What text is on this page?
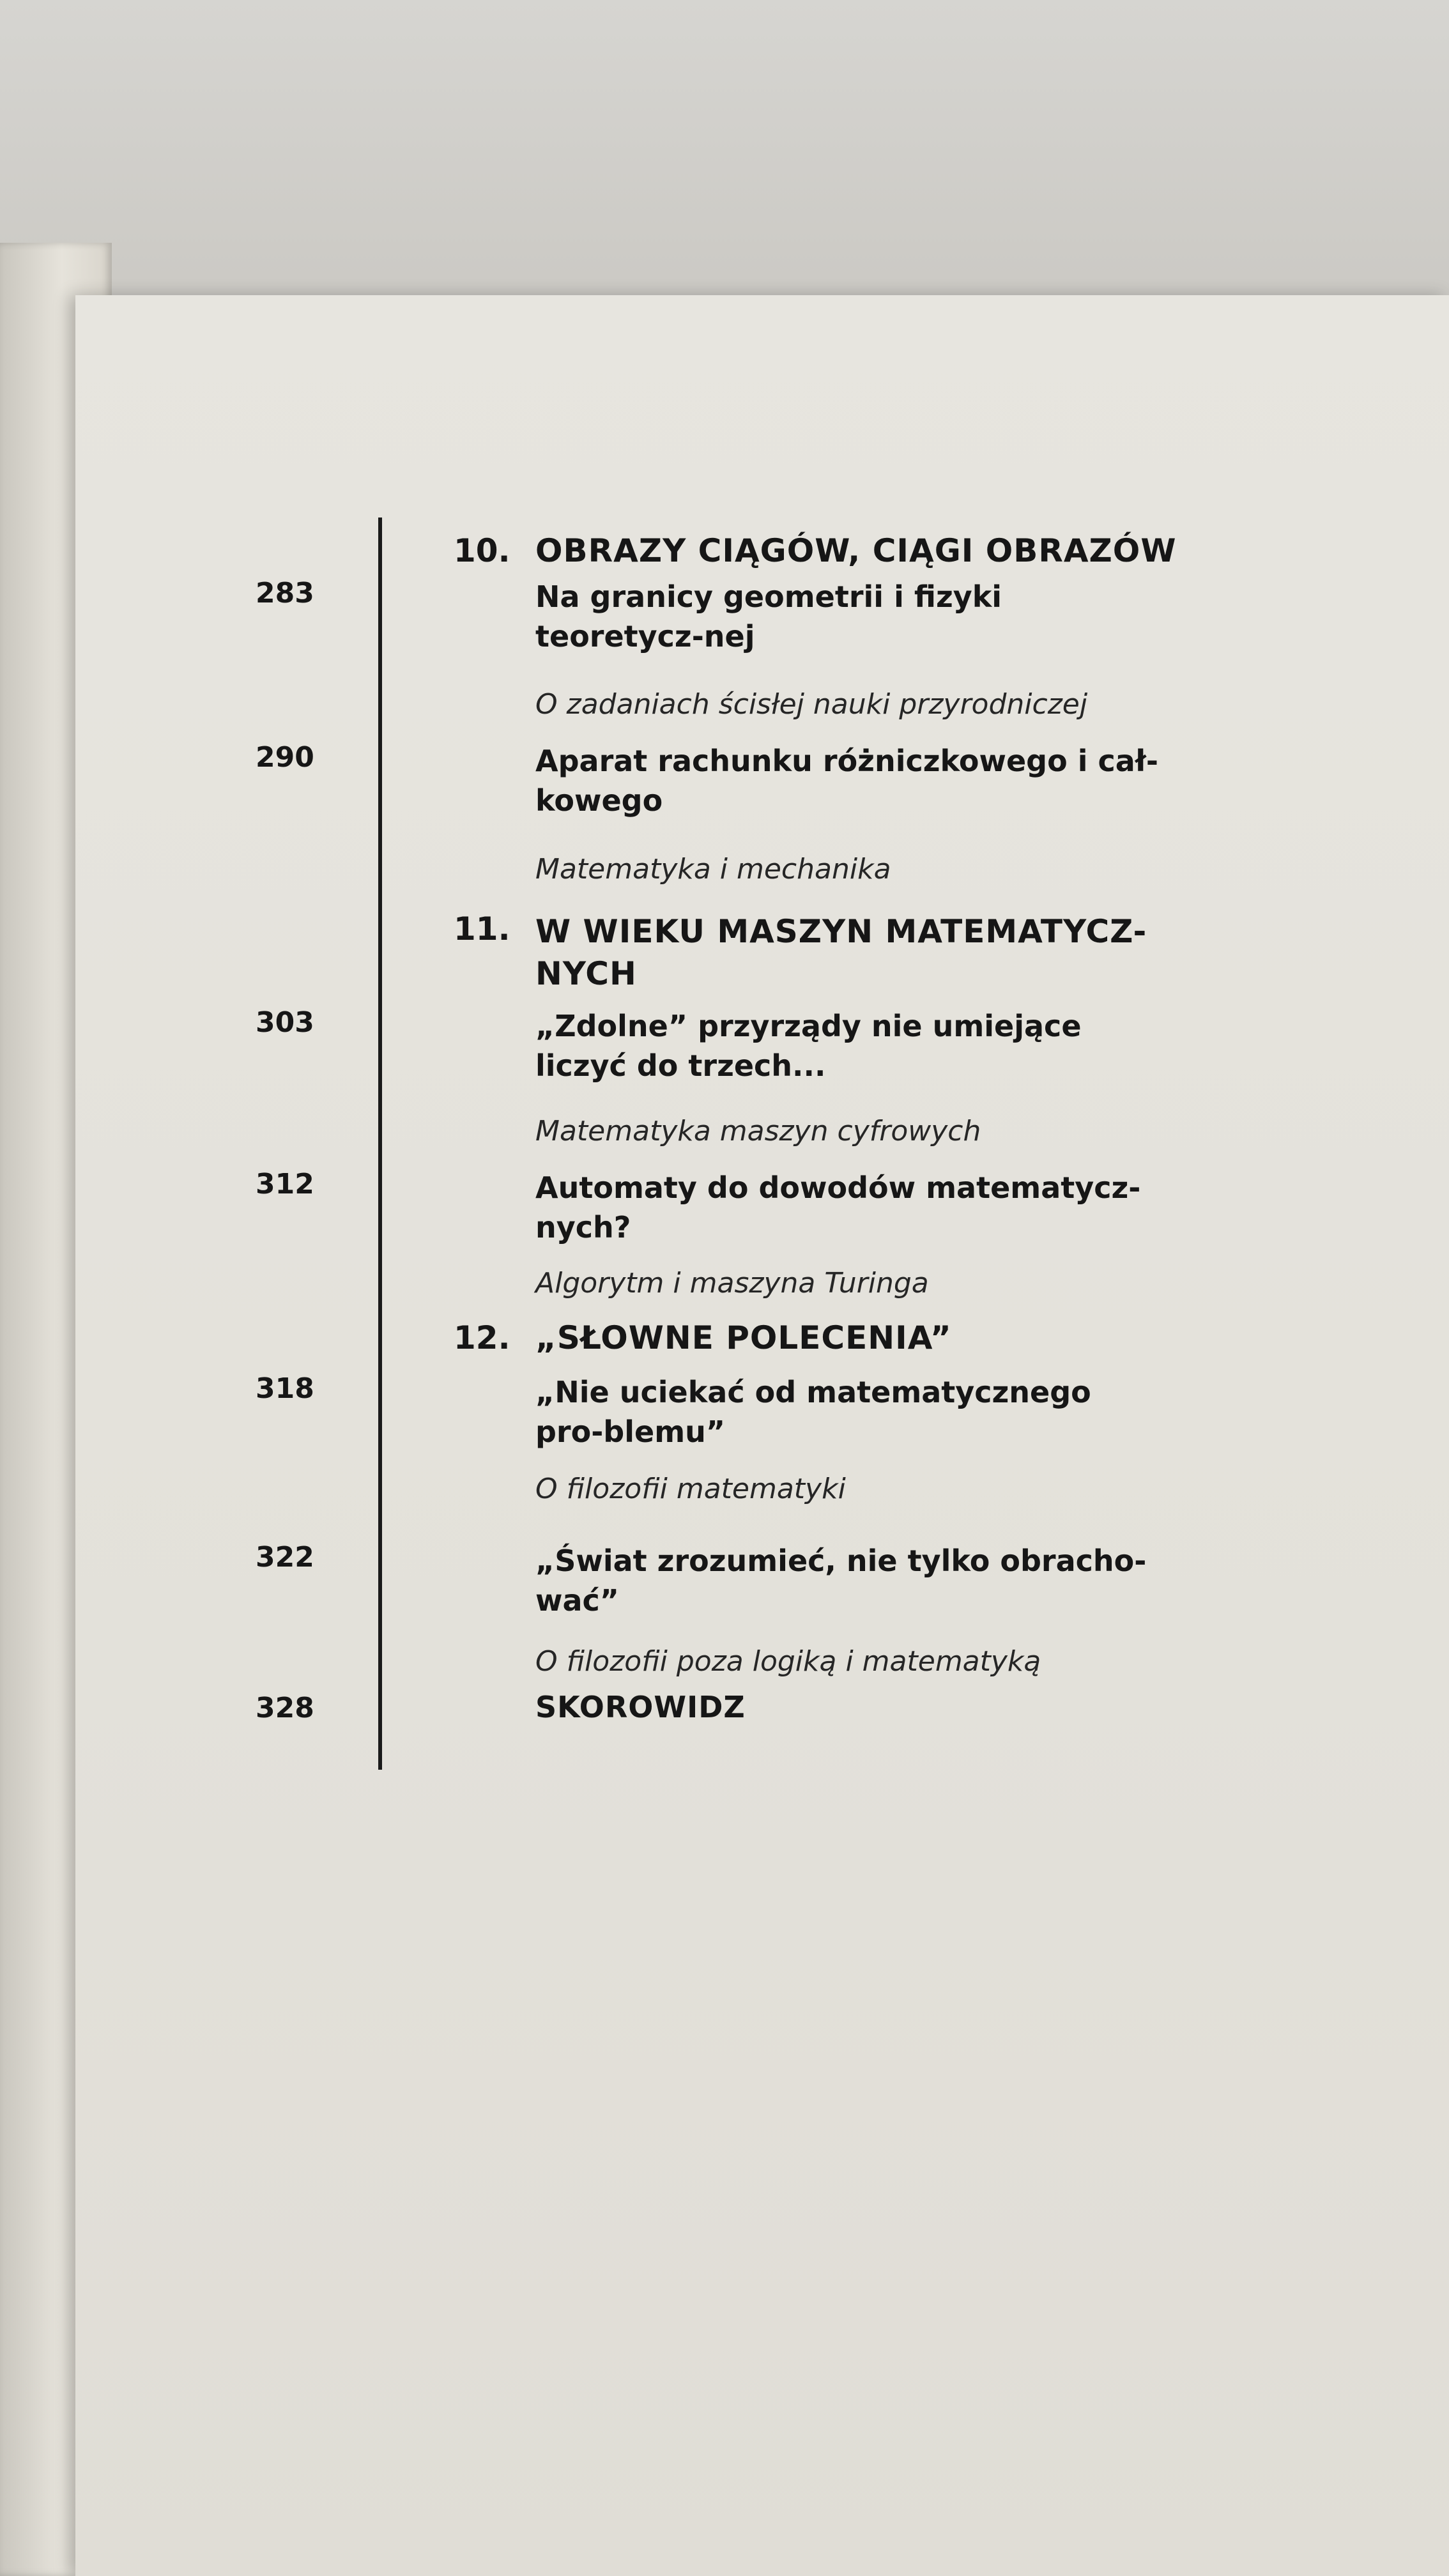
10. OBRAZY CIĄGÓW, CIĄGI OBRAZÓW
283	Na granicy geometrii i fizyki teoretycz-nej
O zadaniach ścisłej nauki przyrodniczej
290	Aparat rachunku różniczkowego i cał-kowego
Matematyka i mechanika
11. W WIEKU MASZYN MATEMATYCZ-NYCH
303	„Zdolne” przyrządy nie umiejące liczyć do trzech...
Matematyka maszyn cyfrowych
312	Automaty do dowodów matematycz-nych?
Algorytm i maszyna Turinga
12. „SŁOWNE POLECENIA”
318	„Nie uciekać od matematycznego pro-blemu”
O filozofii matematyki
322	„Świat zrozumieć, nie tylko obracho-wać”
O filozofii poza logiką i matematyką
328	SKOROWIDZ
